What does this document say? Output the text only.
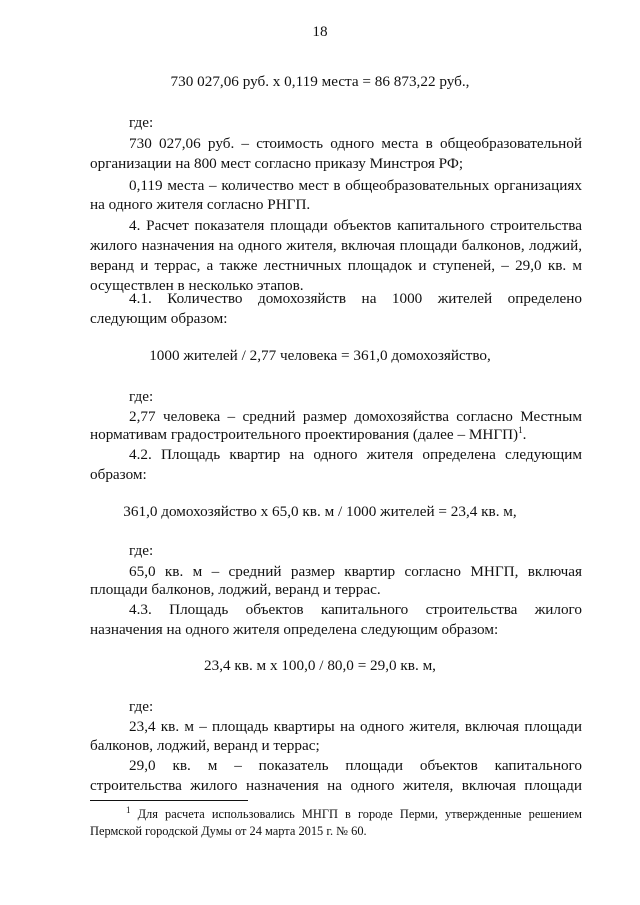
18
730 027,06 руб. х 0,119 места = 86 873,22 руб.,
где:
730 027,06 руб. – стоимость одного места в общеобразовательной
организации на 800 мест согласно приказу Минстроя РФ;
0,119 места – количество мест в общеобразовательных организациях
на одного жителя согласно РНГП.
4. Расчет показателя площади объектов капитального строительства
жилого назначения на одного жителя, включая площади балконов, лоджий,
веранд и террас, а также лестничных площадок и ступеней, – 29,0 кв. м
осуществлен в несколько этапов.
4.1. Количество домохозяйств на 1000 жителей определено
следующим образом:
1000 жителей / 2,77 человека = 361,0 домохозяйство,
где:
2,77 человека – средний размер домохозяйства согласно Местным
нормативам градостроительного проектирования (далее – МНГП)$^1$.
4.2. Площадь квартир на одного жителя определена следующим
образом:
361,0 домохозяйство х 65,0 кв. м / 1000 жителей = 23,4 кв. м,
где:
65,0 кв. м – средний размер квартир согласно МНГП, включая
площади балконов, лоджий, веранд и террас.
4.3. Площадь объектов капитального строительства жилого
назначения на одного жителя определена следующим образом:
23,4 кв. м х 100,0 / 80,0 = 29,0 кв. м,
где:
23,4 кв. м – площадь квартиры на одного жителя, включая площади
балконов, лоджий, веранд и террас;
29,0 кв. м – показатель площади объектов капитального
строительства жилого назначения на одного жителя, включая площади
$^1$ Для расчета использовались МНГП в городе Перми, утвержденные решением
Пермской городской Думы от 24 марта 2015 г. № 60.
